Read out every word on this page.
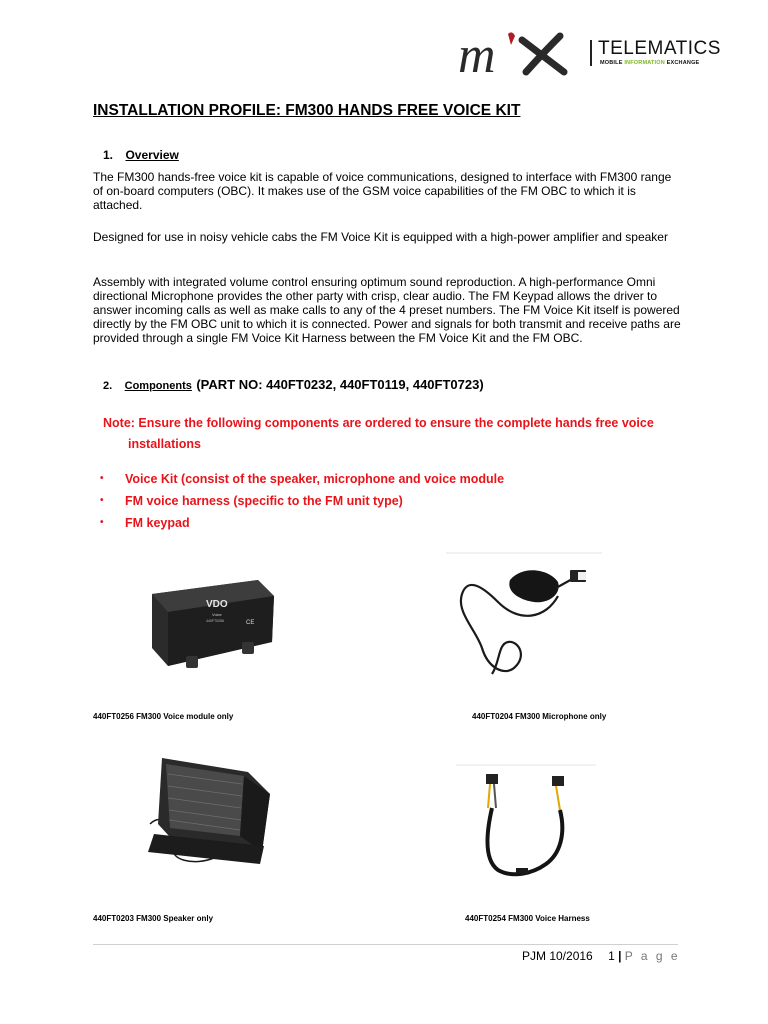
m	TELEMATICS
MOBILE INFORMATION EXCHANGE
INSTALLATION PROFILE: FM300 HANDS FREE VOICE KIT
1. Overview
The FM300 hands-free voice kit is capable of voice communications, designed to interface with FM300 range of on-board computers (OBC). It makes use of the GSM voice capabilities of the FM OBC to which it is attached.
Designed for use in noisy vehicle cabs the FM Voice Kit is equipped with a high-power amplifier and speaker
Assembly with integrated volume control ensuring optimum sound reproduction. A high-performance Omni directional Microphone provides the other party with crisp, clear audio. The FM Keypad allows the driver to answer incoming calls as well as make calls to any of the 4 preset numbers. The FM Voice Kit itself is powered directly by the FM OBC unit to which it is connected. Power and signals for both transmit and receive paths are provided through a single FM Voice Kit Harness between the FM Voice Kit and the FM OBC.
2. Components (PART NO: 440FT0232, 440FT0119, 440FT0723)
Note: Ensure the following components are ordered to ensure the complete hands free voice
installations
•	Voice Kit (consist of the speaker, microphone and voice module
•	FM voice harness (specific to the FM unit type)
•	FM keypad
VDO
Voice
440FT0256	CE
440FT0256 FM300 Voice module only	440FT0204 FM300 Microphone only
440FT0203 FM300 Speaker only	440FT0254 FM300 Voice Harness
PJM 10/2016 1 | P a g e
